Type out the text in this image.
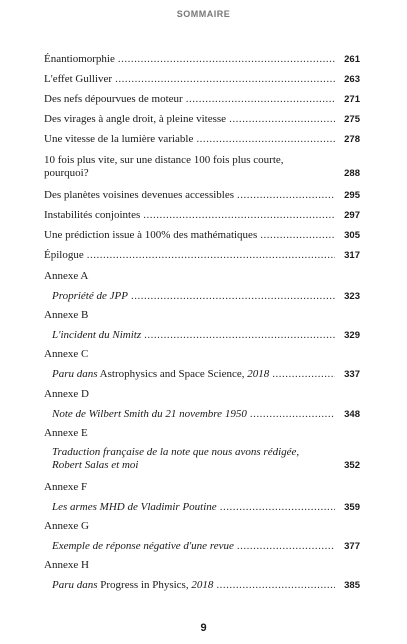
SOMMAIRE
Énantiomorphie .....	261
L'effet Gulliver .....	263
Des nefs dépourvues de moteur .....	271
Des virages à angle droit, à pleine vitesse .....	275
Une vitesse de la lumière variable .....	278
10 fois plus vite, sur une distance 100 fois plus courte, pourquoi?	288
Des planètes voisines devenues accessibles .....	295
Instabilités conjointes .....	297
Une prédiction issue à 100% des mathématiques .....	305
Épilogue .....	317
Annexe A
Propriété de JPP .....	323
Annexe B
L'incident du Nimitz .....	329
Annexe C
Paru dans Astrophysics and Space Science, 2018 .....	337
Annexe D
Note de Wilbert Smith du 21 novembre 1950 .....	348
Annexe E
Traduction française de la note que nous avons rédigée, Robert Salas et moi	352
Annexe F
Les armes MHD de Vladimir Poutine .....	359
Annexe G
Exemple de réponse négative d'une revue .....	377
Annexe H
Paru dans Progress in Physics, 2018 .....	385
9
